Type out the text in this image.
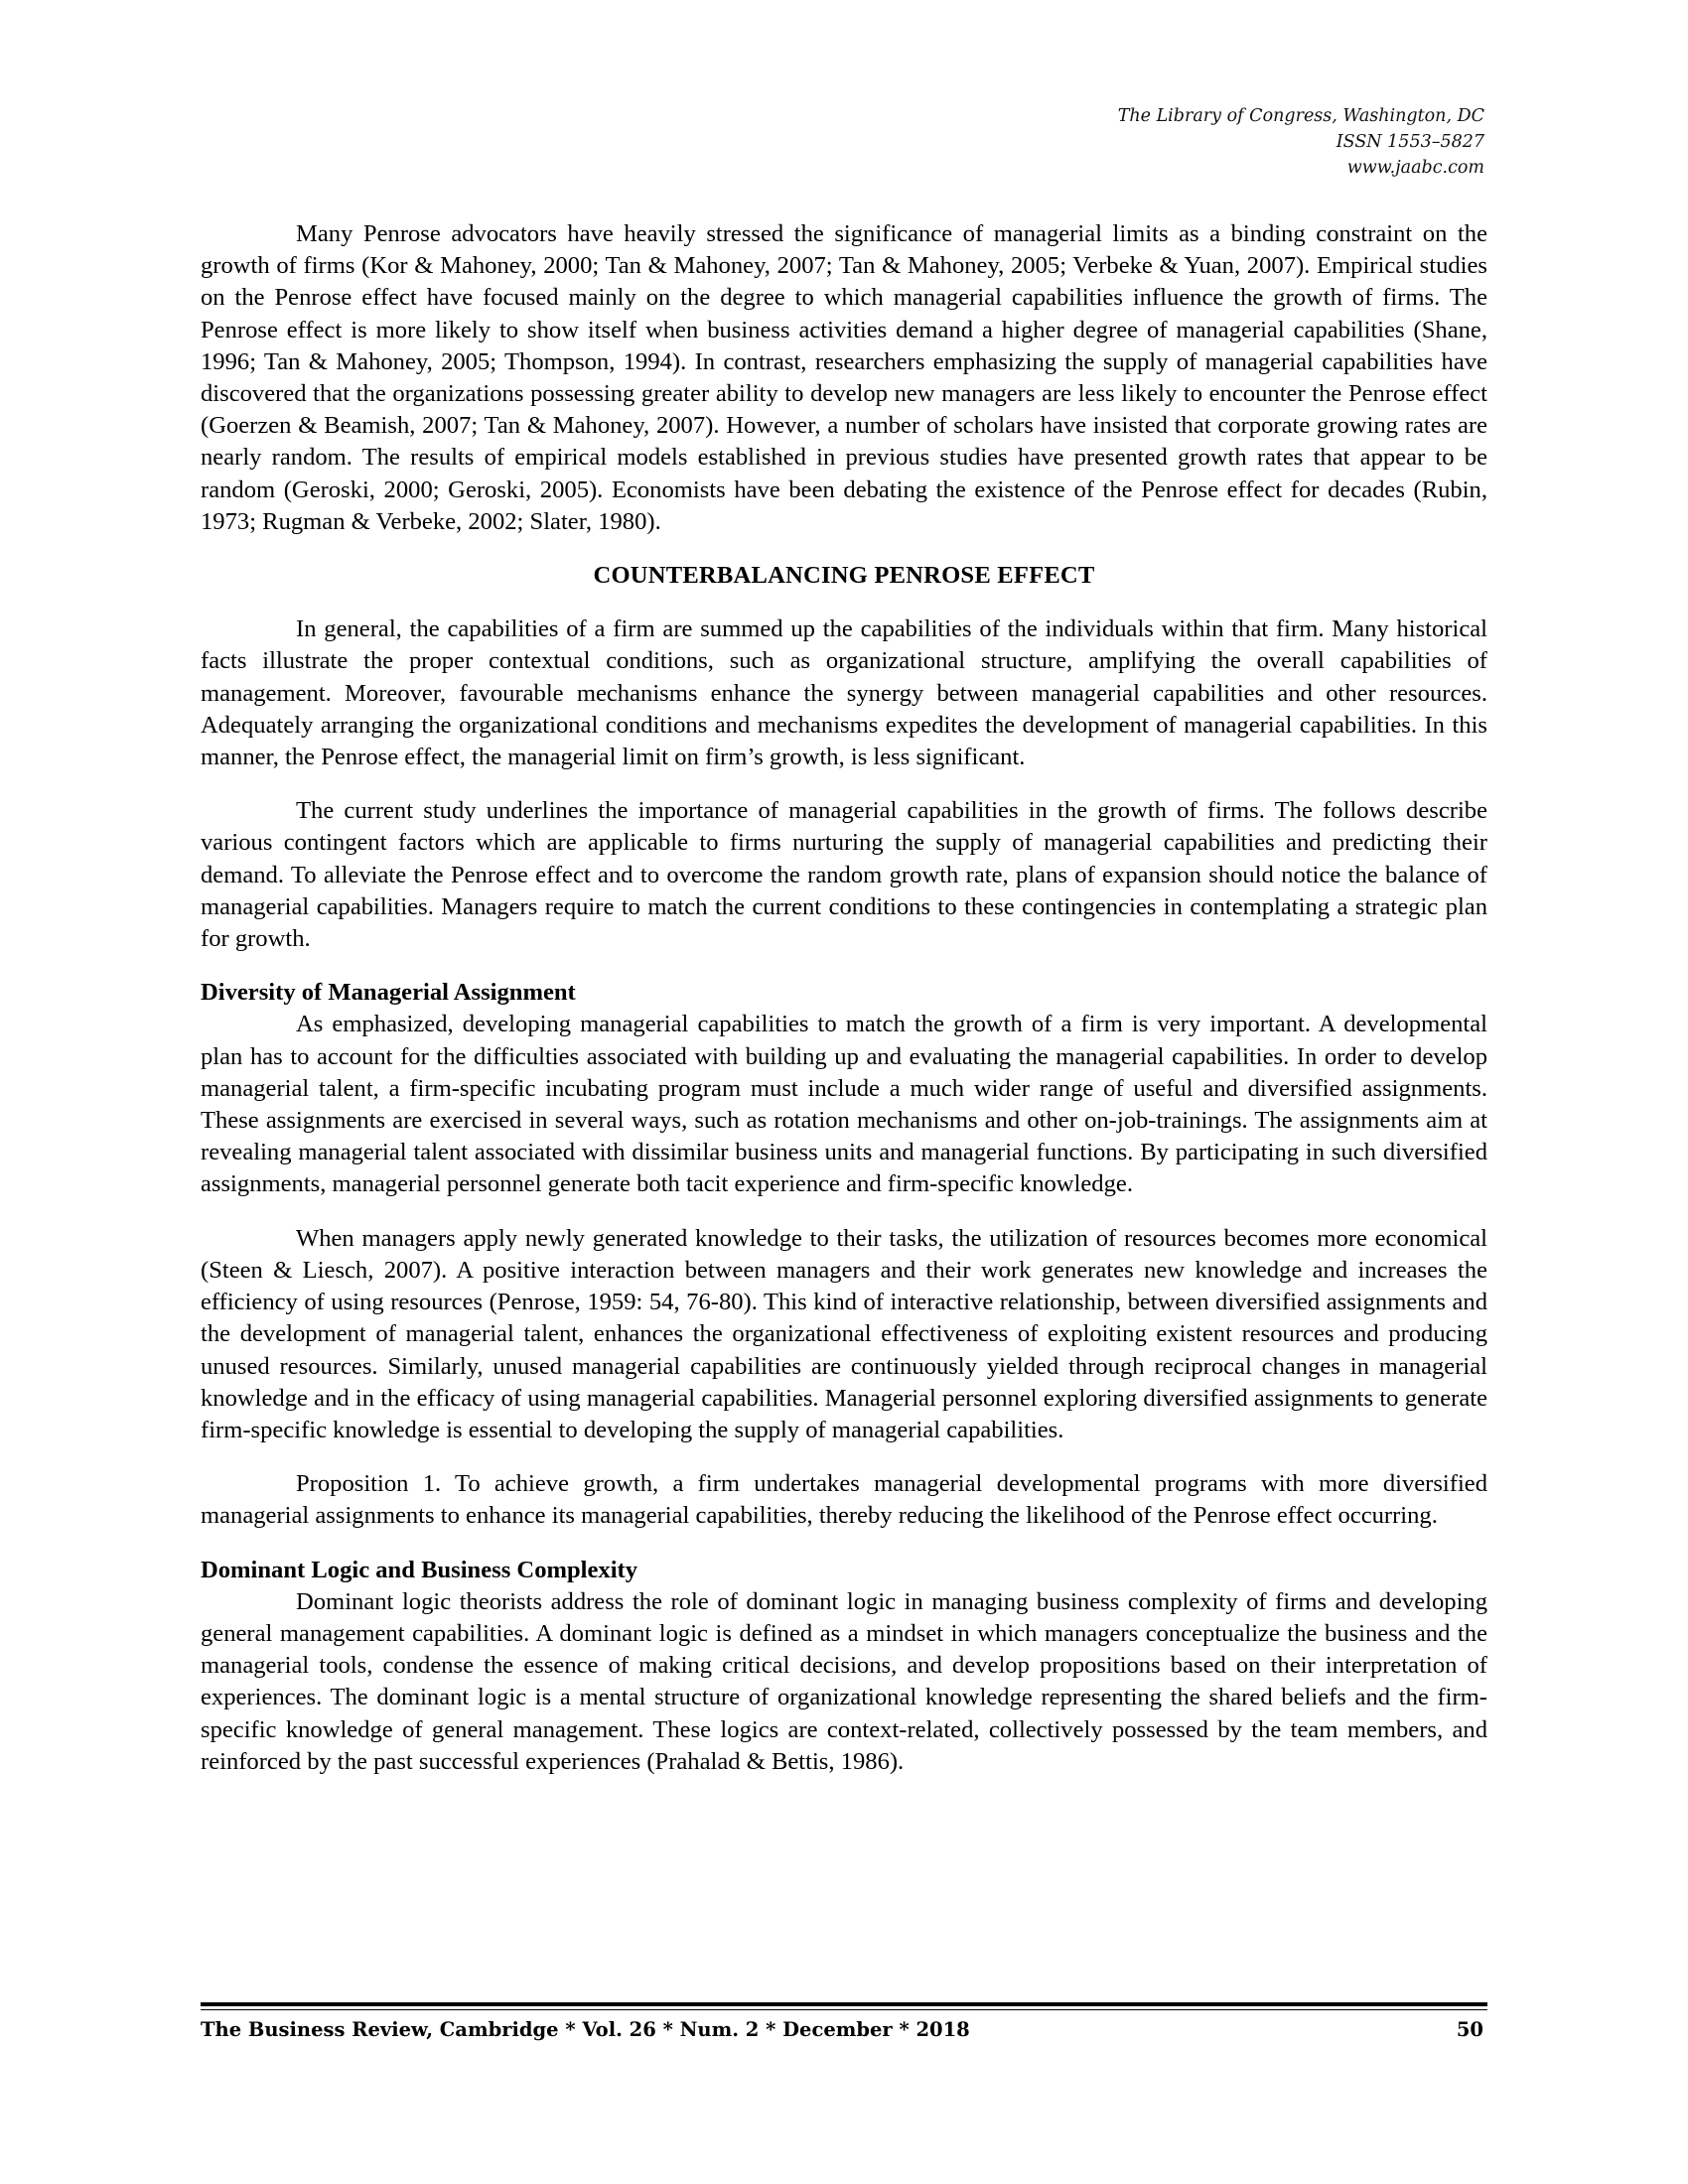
The Library of Congress, Washington, DC
ISSN 1553–5827
www.jaabc.com

Many Penrose advocators have heavily stressed the significance of managerial limits as a binding constraint on the growth of firms (Kor & Mahoney, 2000; Tan & Mahoney, 2007; Tan & Mahoney, 2005; Verbeke & Yuan, 2007). Empirical studies on the Penrose effect have focused mainly on the degree to which managerial capabilities influence the growth of firms. The Penrose effect is more likely to show itself when business activities demand a higher degree of managerial capabilities (Shane, 1996; Tan & Mahoney, 2005; Thompson, 1994). In contrast, researchers emphasizing the supply of managerial capabilities have discovered that the organizations possessing greater ability to develop new managers are less likely to encounter the Penrose effect (Goerzen & Beamish, 2007; Tan & Mahoney, 2007). However, a number of scholars have insisted that corporate growing rates are nearly random. The results of empirical models established in previous studies have presented growth rates that appear to be random (Geroski, 2000; Geroski, 2005). Economists have been debating the existence of the Penrose effect for decades (Rubin, 1973; Rugman & Verbeke, 2002; Slater, 1980).

COUNTERBALANCING PENROSE EFFECT

In general, the capabilities of a firm are summed up the capabilities of the individuals within that firm. Many historical facts illustrate the proper contextual conditions, such as organizational structure, amplifying the overall capabilities of management. Moreover, favourable mechanisms enhance the synergy between managerial capabilities and other resources. Adequately arranging the organizational conditions and mechanisms expedites the development of managerial capabilities. In this manner, the Penrose effect, the managerial limit on firm’s growth, is less significant.

The current study underlines the importance of managerial capabilities in the growth of firms. The follows describe various contingent factors which are applicable to firms nurturing the supply of managerial capabilities and predicting their demand. To alleviate the Penrose effect and to overcome the random growth rate, plans of expansion should notice the balance of managerial capabilities. Managers require to match the current conditions to these contingencies in contemplating a strategic plan for growth.

Diversity of Managerial Assignment

As emphasized, developing managerial capabilities to match the growth of a firm is very important. A developmental plan has to account for the difficulties associated with building up and evaluating the managerial capabilities. In order to develop managerial talent, a firm-specific incubating program must include a much wider range of useful and diversified assignments. These assignments are exercised in several ways, such as rotation mechanisms and other on-job-trainings. The assignments aim at revealing managerial talent associated with dissimilar business units and managerial functions. By participating in such diversified assignments, managerial personnel generate both tacit experience and firm-specific knowledge.

When managers apply newly generated knowledge to their tasks, the utilization of resources becomes more economical (Steen & Liesch, 2007). A positive interaction between managers and their work generates new knowledge and increases the efficiency of using resources (Penrose, 1959: 54, 76-80). This kind of interactive relationship, between diversified assignments and the development of managerial talent, enhances the organizational effectiveness of exploiting existent resources and producing unused resources. Similarly, unused managerial capabilities are continuously yielded through reciprocal changes in managerial knowledge and in the efficacy of using managerial capabilities. Managerial personnel exploring diversified assignments to generate firm-specific knowledge is essential to developing the supply of managerial capabilities.

Proposition 1. To achieve growth, a firm undertakes managerial developmental programs with more diversified managerial assignments to enhance its managerial capabilities, thereby reducing the likelihood of the Penrose effect occurring.

Dominant Logic and Business Complexity

Dominant logic theorists address the role of dominant logic in managing business complexity of firms and developing general management capabilities. A dominant logic is defined as a mindset in which managers conceptualize the business and the managerial tools, condense the essence of making critical decisions, and develop propositions based on their interpretation of experiences. The dominant logic is a mental structure of organizational knowledge representing the shared beliefs and the firm-specific knowledge of general management. These logics are context-related, collectively possessed by the team members, and reinforced by the past successful experiences (Prahalad & Bettis, 1986).

The Business Review, Cambridge * Vol. 26 * Num. 2 * December * 2018	50
